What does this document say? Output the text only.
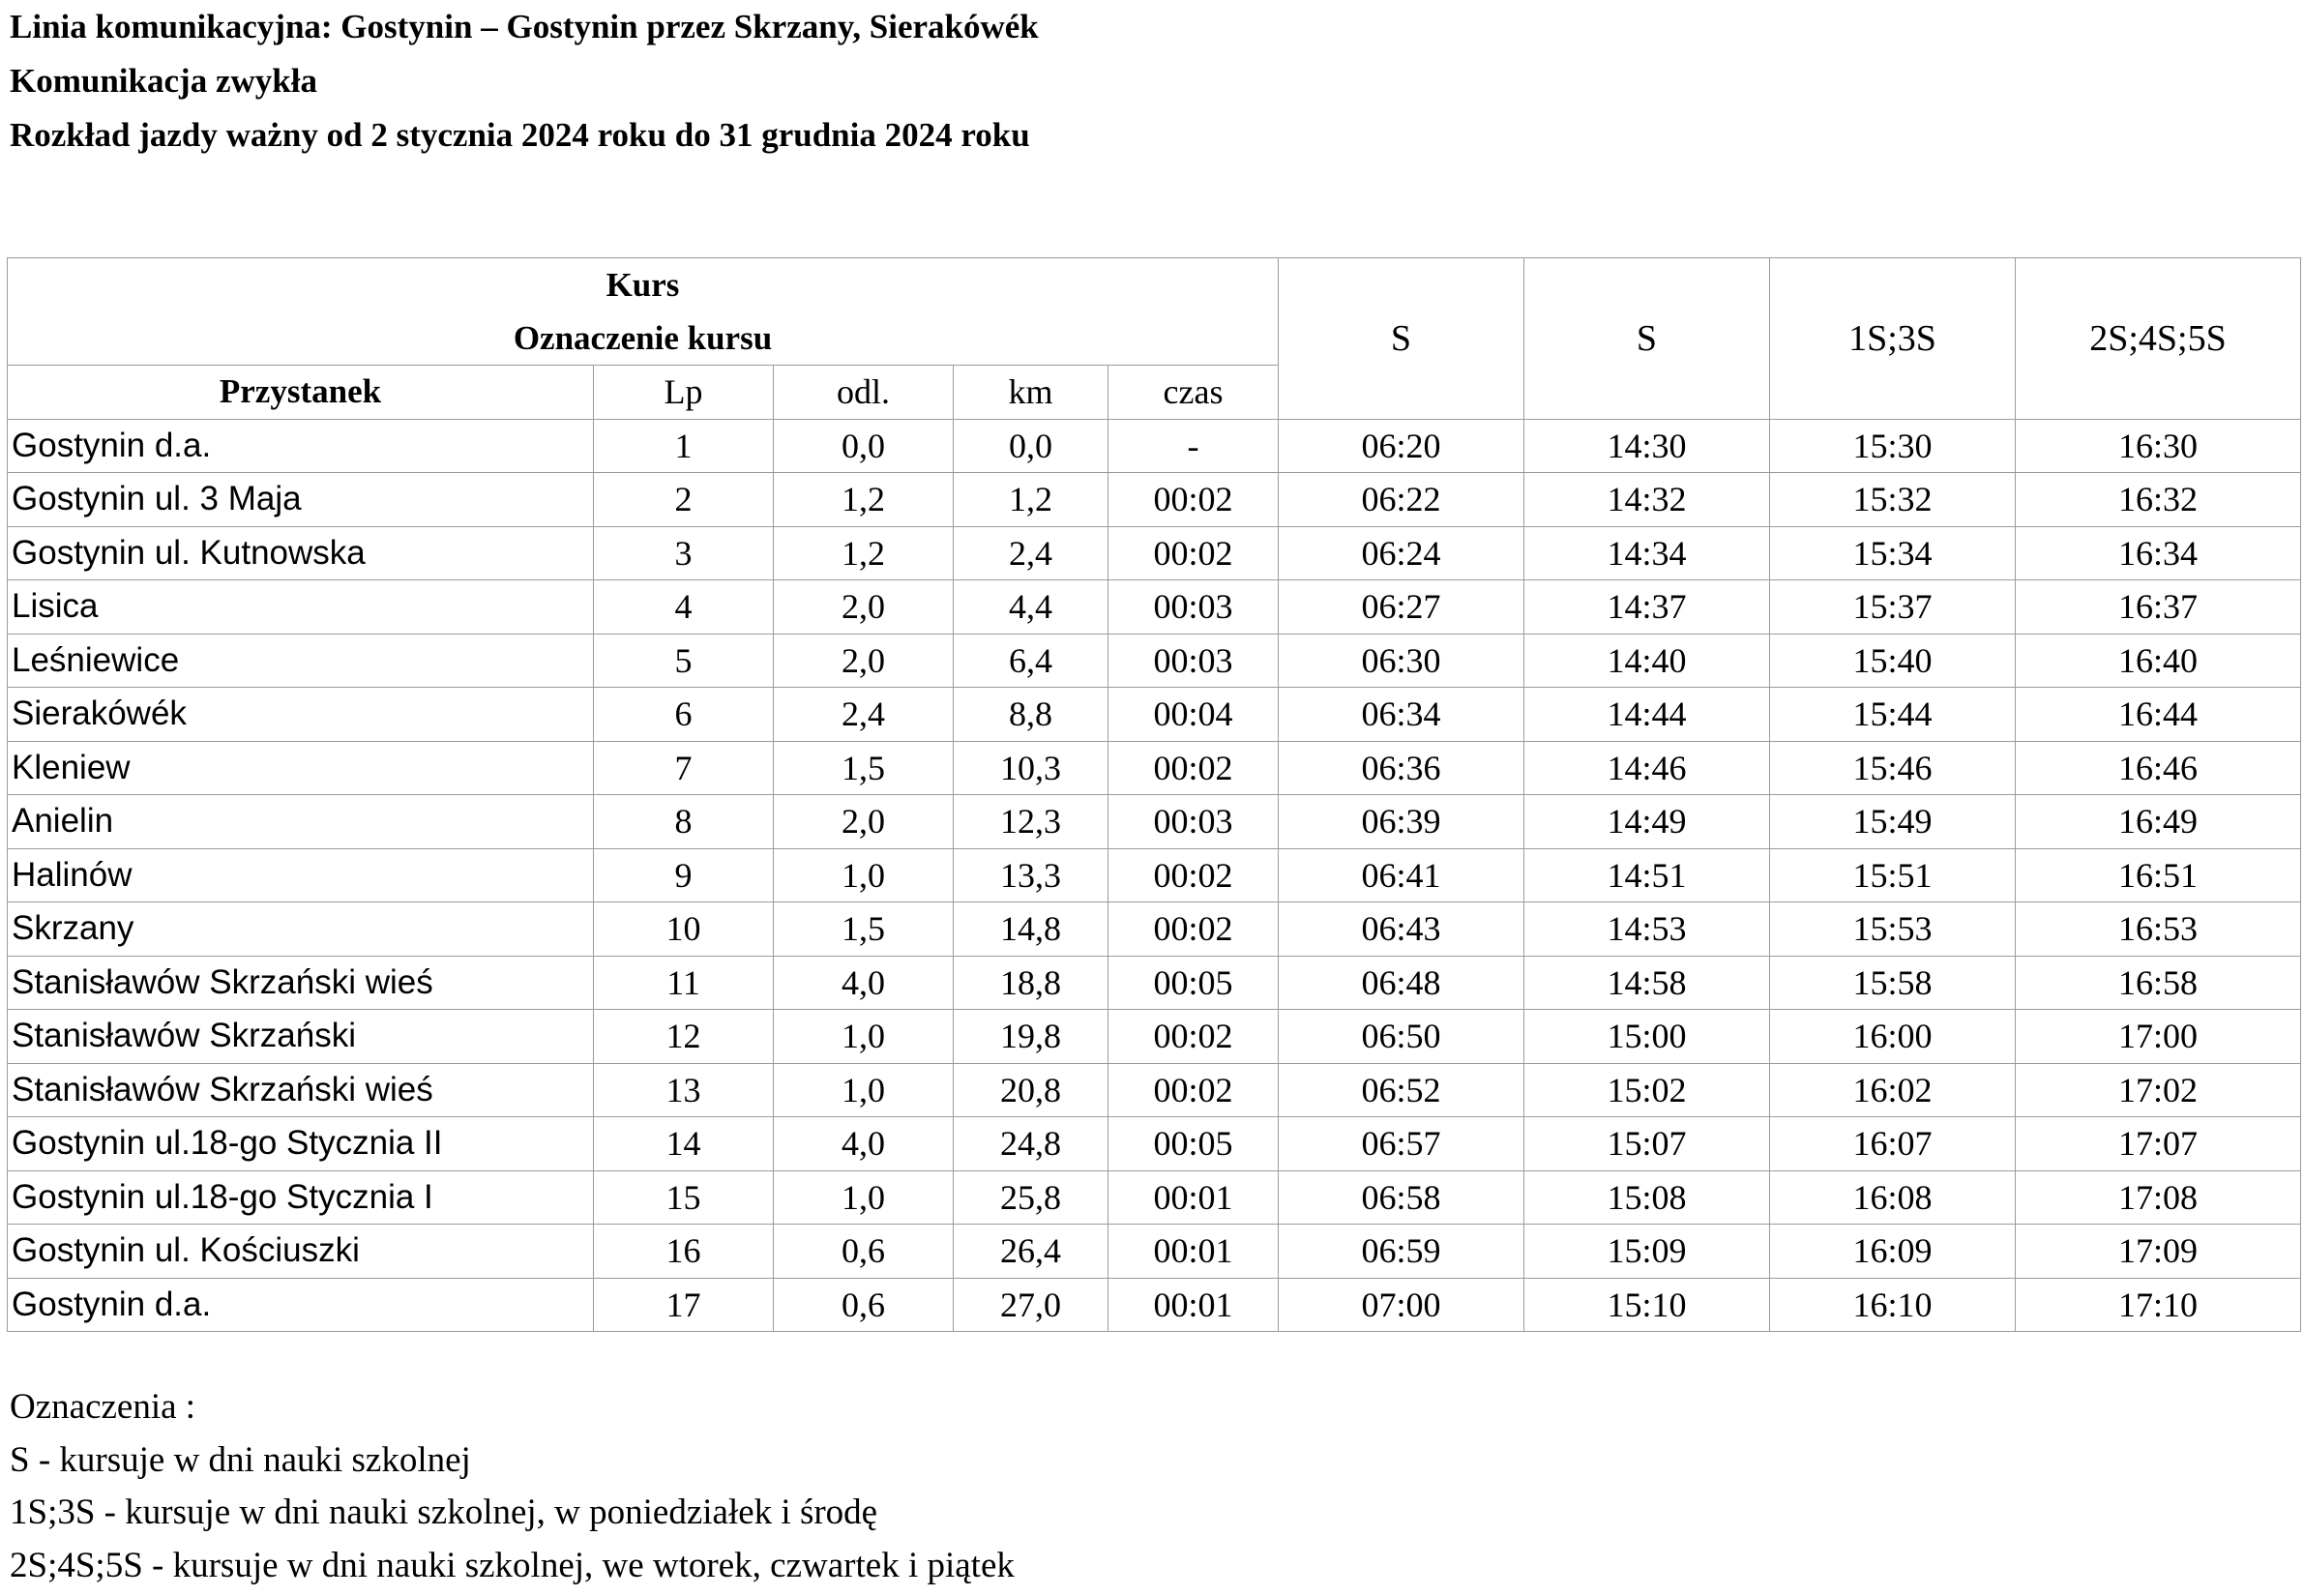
Linia komunikacyjna: Gostynin – Gostynin przez Skrzany, Sierakówék
Komunikacja zwykła
Rozkład jazdy ważny od 2 stycznia 2024 roku do 31 grudnia 2024 roku
Kurs
Oznaczenie kursu					S	S	1S;3S	2S;4S;5S
Przystanek	Lp	odl.	km	czas				
Gostynin d.a.	1	0,0	0,0	-	06:20	14:30	15:30	16:30
Gostynin ul. 3 Maja	2	1,2	1,2	00:02	06:22	14:32	15:32	16:32
Gostynin ul. Kutnowska	3	1,2	2,4	00:02	06:24	14:34	15:34	16:34
Lisica	4	2,0	4,4	00:03	06:27	14:37	15:37	16:37
Leśniewice	5	2,0	6,4	00:03	06:30	14:40	15:40	16:40
Sierakówék	6	2,4	8,8	00:04	06:34	14:44	15:44	16:44
Kleniew	7	1,5	10,3	00:02	06:36	14:46	15:46	16:46
Anielin	8	2,0	12,3	00:03	06:39	14:49	15:49	16:49
Halinów	9	1,0	13,3	00:02	06:41	14:51	15:51	16:51
Skrzany	10	1,5	14,8	00:02	06:43	14:53	15:53	16:53
Stanisławów Skrzański wieś	11	4,0	18,8	00:05	06:48	14:58	15:58	16:58
Stanisławów Skrzański	12	1,0	19,8	00:02	06:50	15:00	16:00	17:00
Stanisławów Skrzański wieś	13	1,0	20,8	00:02	06:52	15:02	16:02	17:02
Gostynin ul.18-go Stycznia II	14	4,0	24,8	00:05	06:57	15:07	16:07	17:07
Gostynin ul.18-go Stycznia I	15	1,0	25,8	00:01	06:58	15:08	16:08	17:08
Gostynin ul. Kościuszki	16	0,6	26,4	00:01	06:59	15:09	16:09	17:09
Gostynin d.a.	17	0,6	27,0	00:01	07:00	15:10	16:10	17:10
Oznaczenia :
S - kursuje w dni nauki szkolnej
1S;3S - kursuje w dni nauki szkolnej, w poniedziałek i środę
2S;4S;5S - kursuje w dni nauki szkolnej, we wtorek, czwartek i piątek
